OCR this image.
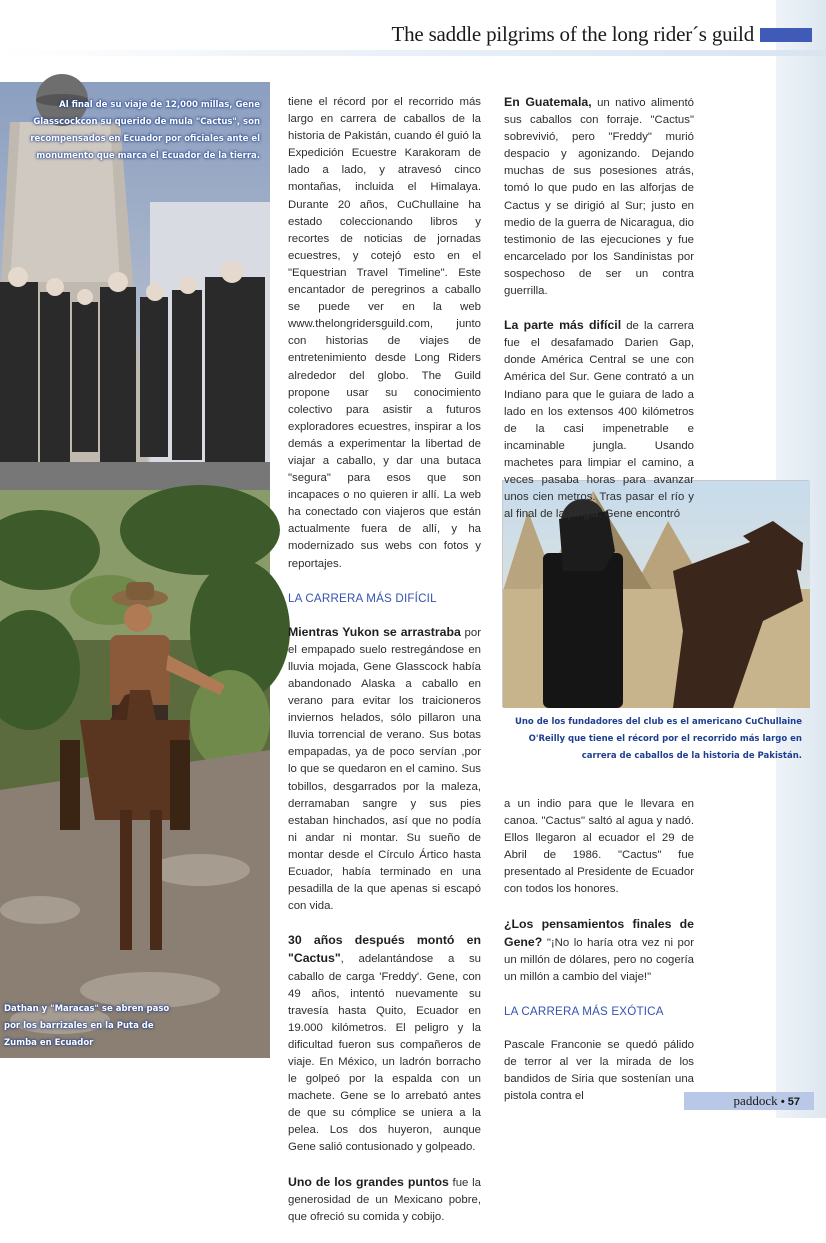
The saddle pilgrims of the long rider´s guild
Al final de su viaje de 12,000 millas, Gene Glasscockcon su querido de mula "Cactus", son recompensados en Ecuador por oficiales ante el monumento que marca el Ecuador de la tierra.
Dathan y "Maracas" se abren paso por los barrizales en la Puta de Zumba en Ecuador
Uno de los fundadores del club es el americano CuChullaine O'Reilly que tiene el récord por el recorrido más largo en carrera de caballos de la historia de Pakistán.

tiene el récord por el recorrido más largo en carrera de caballos de la historia de Pakistán, cuando él guió la Expedición Ecuestre Karakoram de lado a lado, y atravesó cinco montañas, incluida el Himalaya. Durante 20 años, CuChullaine ha estado coleccionando libros y recortes de noticias de jornadas ecuestres, y cotejó esto en el "Equestrian Travel Timeline". Este encantador de peregrinos a caballo se puede ver en la web www.thelongridersguild.com, junto con historias de viajes de entretenimiento desde Long Riders alrededor del globo. The Guild propone usar su conocimiento colectivo para asistir a futuros exploradores ecuestres, inspirar a los demás a experimentar la libertad de viajar a caballo, y dar una butaca "segura" para esos que son incapaces o no quieren ir allí. La web ha conectado con viajeros que están actualmente fuera de allí, y ha modernizado sus webs con fotos y reportajes.

LA CARRERA MÁS DIFÍCIL

Mientras Yukon se arrastraba por el empapado suelo restregándose en lluvia mojada, Gene Glasscock había abandonado Alaska a caballo en verano para evitar los traicioneros inviernos helados, sólo pillaron una lluvia torrencial de verano. Sus botas empapadas, ya de poco servían ,por lo que se quedaron en el camino. Sus tobillos, desgarrados por la maleza, derramaban sangre y sus pies estaban hinchados, así que no podía ni andar ni montar. Su sueño de montar desde el Círculo Ártico hasta Ecuador, había terminado en una pesadilla de la que apenas si escapó con vida.

30 años después montó en "Cactus", adelantándose a su caballo de carga 'Freddy'. Gene, con 49 años, intentó nuevamente su travesía hasta Quito, Ecuador en 19.000 kilómetros. El peligro y la dificultad fueron sus compañeros de viaje. En México, un ladrón borracho le golpeó por la espalda con un machete. Gene se lo arrebató antes de que su cómplice se uniera a la pelea. Los dos huyeron, aunque Gene salió contusionado y golpeado.

Uno de los grandes puntos fue la generosidad de un Mexicano pobre, que ofreció su comida y cobijo.

En Guatemala, un nativo alimentó sus caballos con forraje. "Cactus" sobrevivió, pero "Freddy" murió despacio y agonizando. Dejando muchas de sus posesiones atrás, tomó lo que pudo en las alforjas de Cactus y se dirigió al Sur; justo en medio de la guerra de Nicaragua, dio testimonio de las ejecuciones y fue encarcelado por los Sandinistas por sospechoso de ser un contra guerrilla.

La parte más difícil de la carrera fue el desafamado Darien Gap, donde América Central se une con América del Sur. Gene contrató a un Indiano para que le guiara de lado a lado en los extensos 400 kilómetros de la casi impenetrable e incaminable jungla. Usando machetes para limpiar el camino, a veces pasaba horas para avanzar unos cien metros. Tras pasar el río y al final de la jungla, Gene encontró

a un indio para que le llevara en canoa. "Cactus" saltó al agua y nadó. Ellos llegaron al ecuador el 29 de Abril de 1986. "Cactus" fue presentado al Presidente de Ecuador con todos los honores.

¿Los pensamientos finales de Gene? "¡No lo haría otra vez ni por un millón de dólares, pero no cogería un millón a cambio del viaje!"

LA CARRERA MÁS EXÓTICA

Pascale Franconie se quedó pálido de terror al ver la mirada de los bandidos de Siria que sostenían una pistola contra el	paddock • 57
